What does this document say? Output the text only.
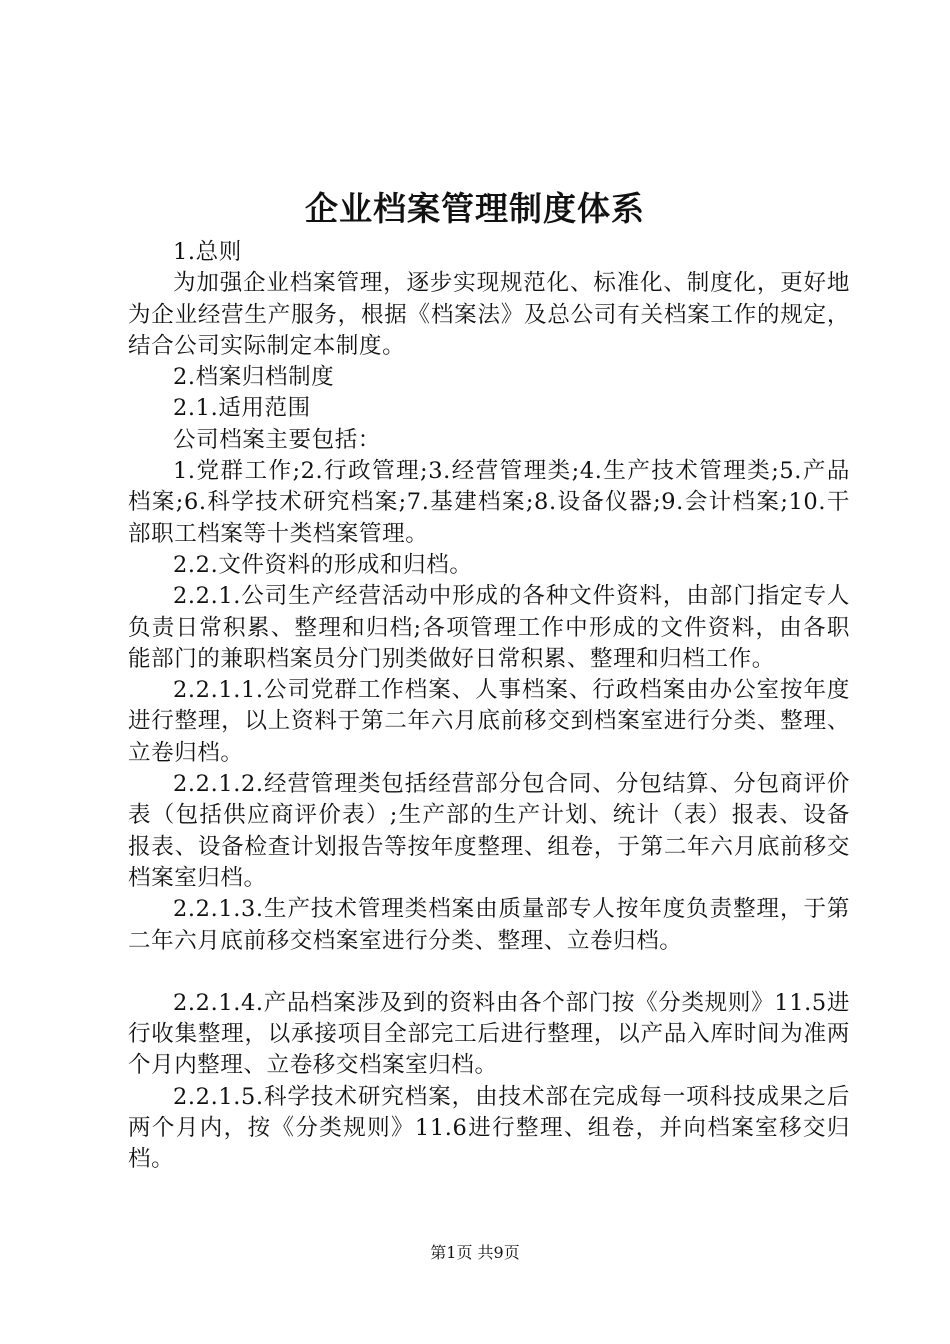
企业档案管理制度体系

1.总则

为加强企业档案管理，逐步实现规范化、标准化、制度化，更好地为企业经营生产服务，根据《档案法》及总公司有关档案工作的规定，结合公司实际制定本制度。

2.档案归档制度

2.1.适用范围

公司档案主要包括：

1.党群工作;2.行政管理;3.经营管理类;4.生产技术管理类;5.产品档案;6.科学技术研究档案;7.基建档案;8.设备仪器;9.会计档案;10.干部职工档案等十类档案管理。

2.2.文件资料的形成和归档。

2.2.1.公司生产经营活动中形成的各种文件资料，由部门指定专人负责日常积累、整理和归档;各项管理工作中形成的文件资料，由各职能部门的兼职档案员分门别类做好日常积累、整理和归档工作。

2.2.1.1.公司党群工作档案、人事档案、行政档案由办公室按年度进行整理，以上资料于第二年六月底前移交到档案室进行分类、整理、立卷归档。

2.2.1.2.经营管理类包括经营部分包合同、分包结算、分包商评价表（包括供应商评价表）;生产部的生产计划、统计（表）报表、设备报表、设备检查计划报告等按年度整理、组卷，于第二年六月底前移交档案室归档。

2.2.1.3.生产技术管理类档案由质量部专人按年度负责整理，于第二年六月底前移交档案室进行分类、整理、立卷归档。

2.2.1.4.产品档案涉及到的资料由各个部门按《分类规则》11.5进行收集整理，以承接项目全部完工后进行整理，以产品入库时间为准两个月内整理、立卷移交档案室归档。

2.2.1.5.科学技术研究档案，由技术部在完成每一项科技成果之后两个月内，按《分类规则》11.6进行整理、组卷，并向档案室移交归档。

第1页 共9页
